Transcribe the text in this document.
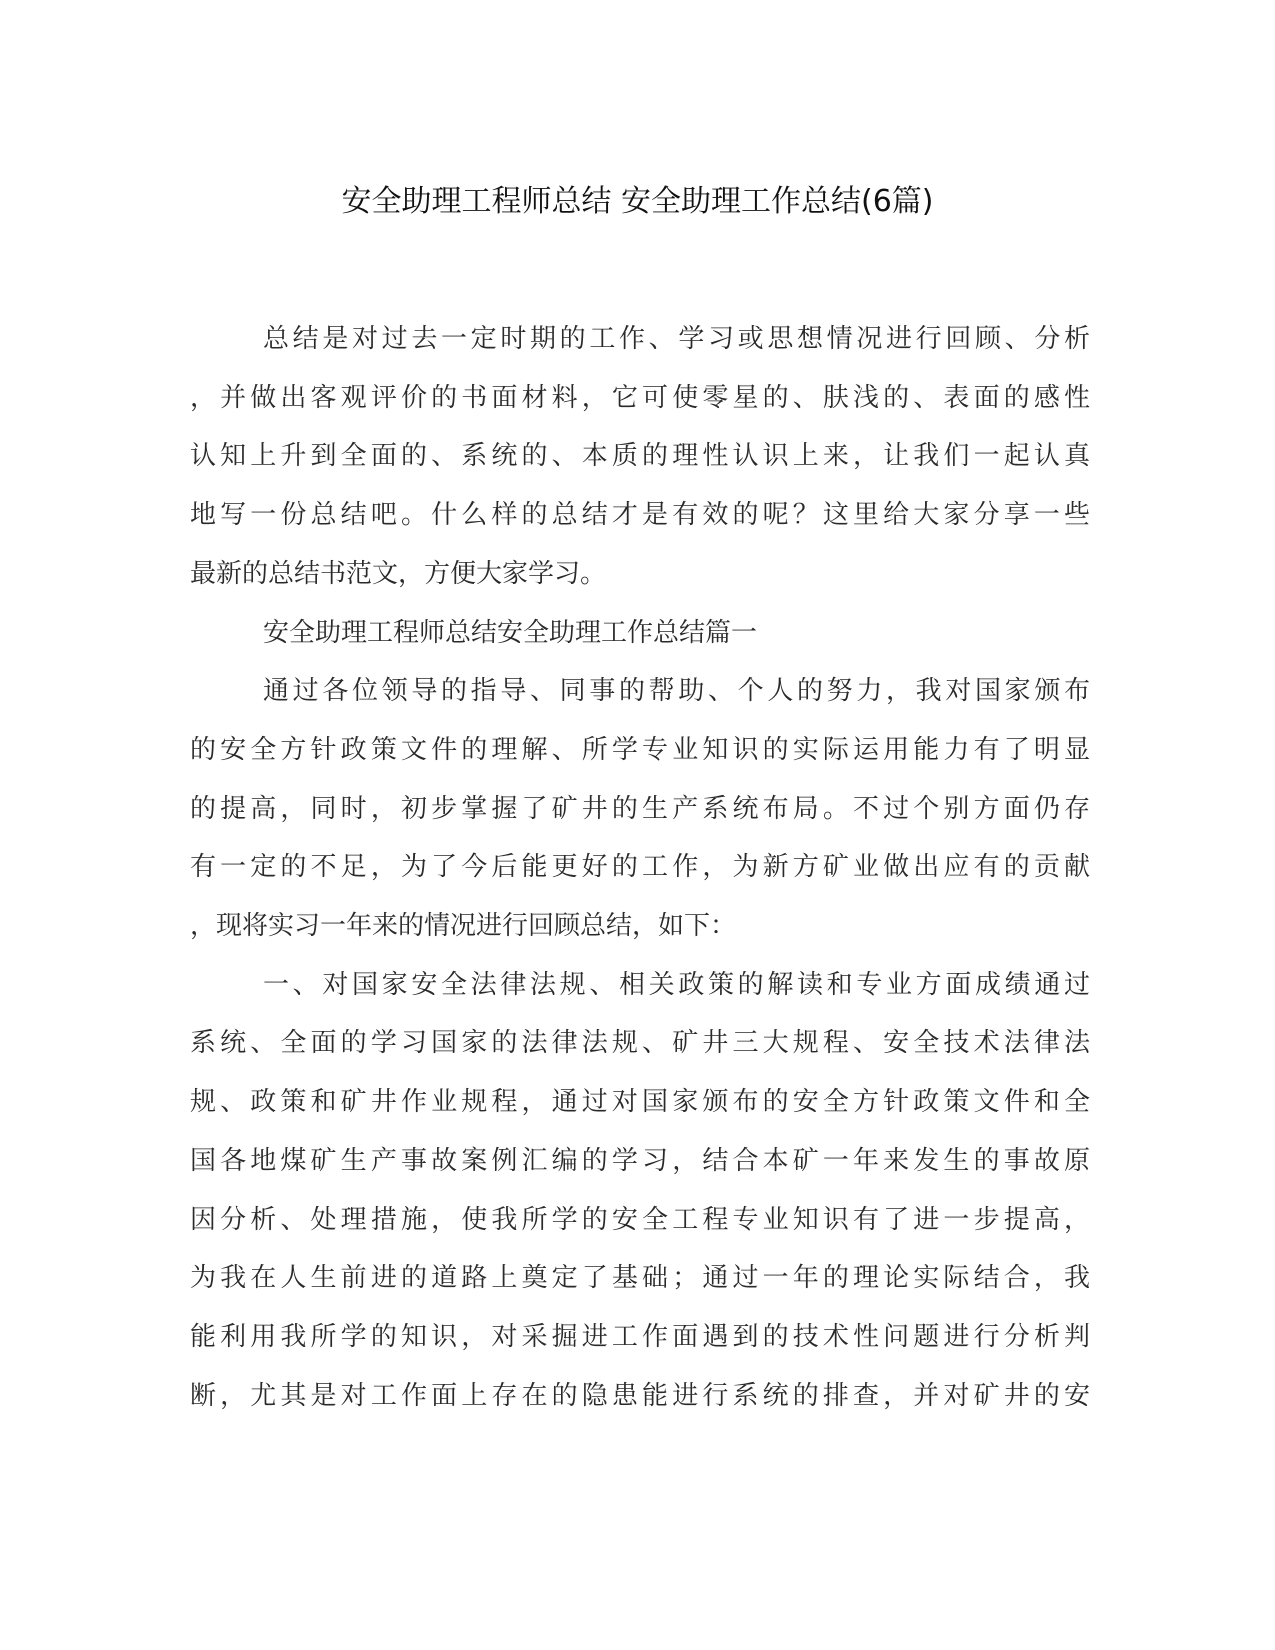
安全助理工程师总结 安全助理工作总结(6篇)
总结是对过去一定时期的工作、学习或思想情况进行回顾、分析
，并做出客观评价的书面材料，它可使零星的、肤浅的、表面的感性
认知上升到全面的、系统的、本质的理性认识上来，让我们一起认真
地写一份总结吧。什么样的总结才是有效的呢？这里给大家分享一些
最新的总结书范文，方便大家学习。
安全助理工程师总结安全助理工作总结篇一
通过各位领导的指导、同事的帮助、个人的努力，我对国家颁布
的安全方针政策文件的理解、所学专业知识的实际运用能力有了明显
的提高，同时，初步掌握了矿井的生产系统布局。不过个别方面仍存
有一定的不足，为了今后能更好的工作，为新方矿业做出应有的贡献
，现将实习一年来的情况进行回顾总结，如下：
一、对国家安全法律法规、相关政策的解读和专业方面成绩通过
系统、全面的学习国家的法律法规、矿井三大规程、安全技术法律法
规、政策和矿井作业规程，通过对国家颁布的安全方针政策文件和全
国各地煤矿生产事故案例汇编的学习，结合本矿一年来发生的事故原
因分析、处理措施，使我所学的安全工程专业知识有了进一步提高，
为我在人生前进的道路上奠定了基础；通过一年的理论实际结合，我
能利用我所学的知识，对采掘进工作面遇到的技术性问题进行分析判
断，尤其是对工作面上存在的隐患能进行系统的排查，并对矿井的安
